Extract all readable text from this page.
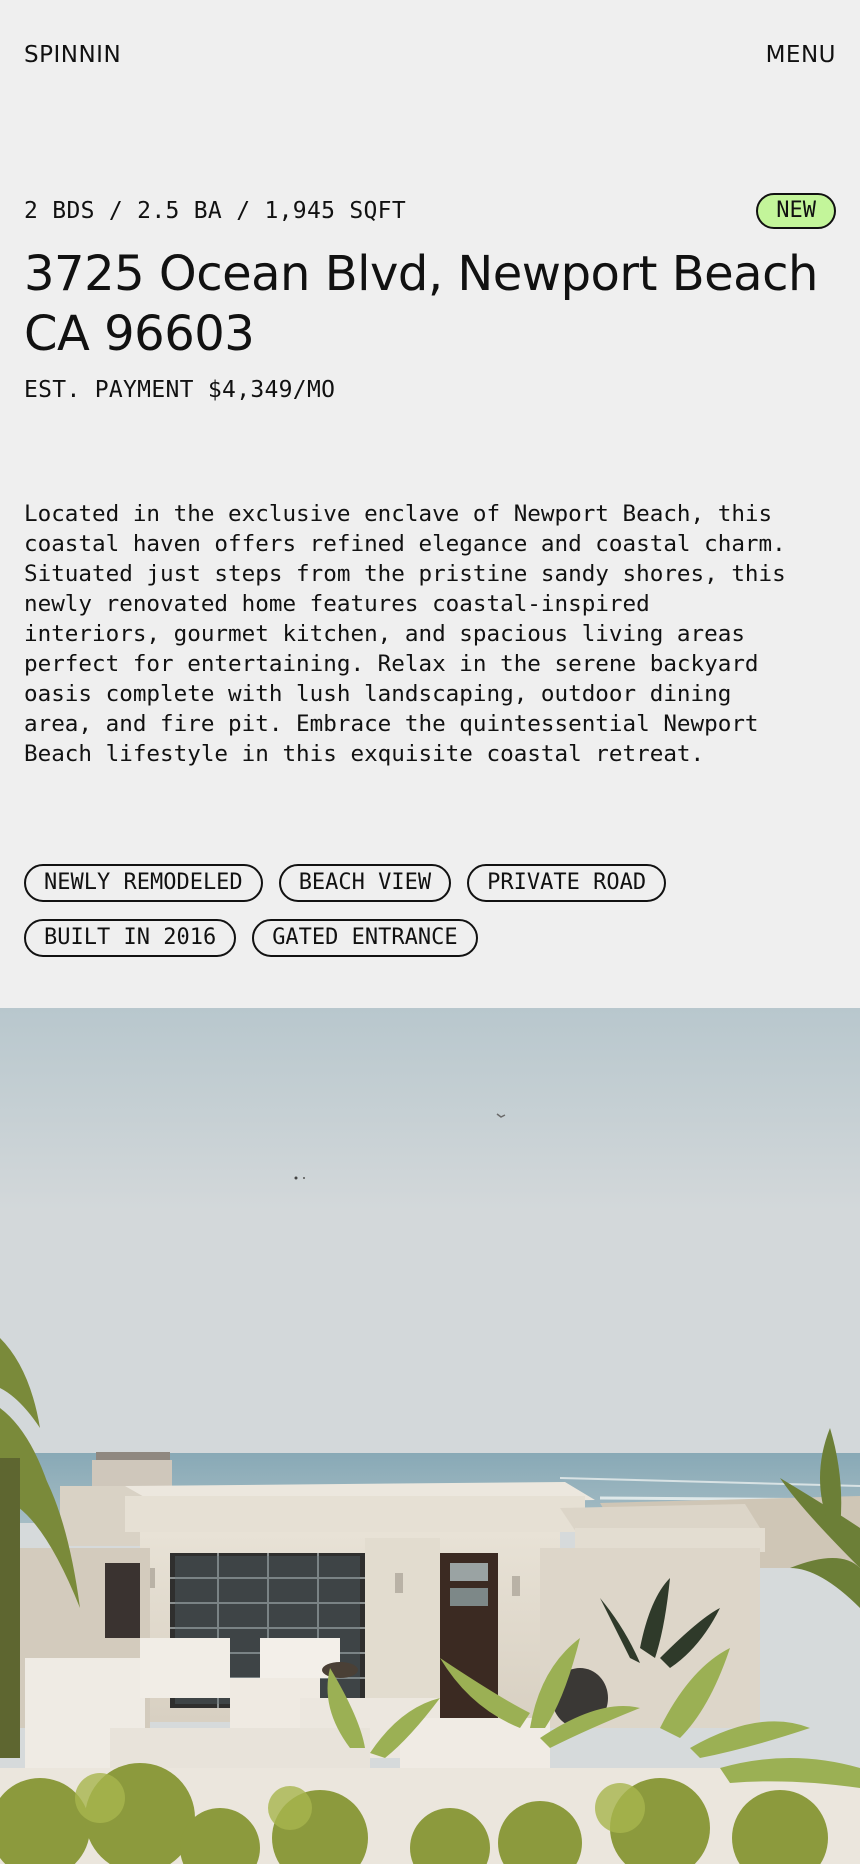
SPINNIN	MENU
2 BDS / 2.5 BA / 1,945 SQFT	NEW
3725 Ocean Blvd, Newport Beach
CA 96603
EST. PAYMENT $4,349/MO

Located in the exclusive enclave of Newport Beach, this
coastal haven offers refined elegance and coastal charm.
Situated just steps from the pristine sandy shores, this
newly renovated home features coastal-inspired
interiors, gourmet kitchen, and spacious living areas
perfect for entertaining. Relax in the serene backyard
oasis complete with lush landscaping, outdoor dining
area, and fire pit. Embrace the quintessential Newport
Beach lifestyle in this exquisite coastal retreat.

NEWLY REMODELED	BEACH VIEW	PRIVATE ROAD
BUILT IN 2016	GATED ENTRANCE
